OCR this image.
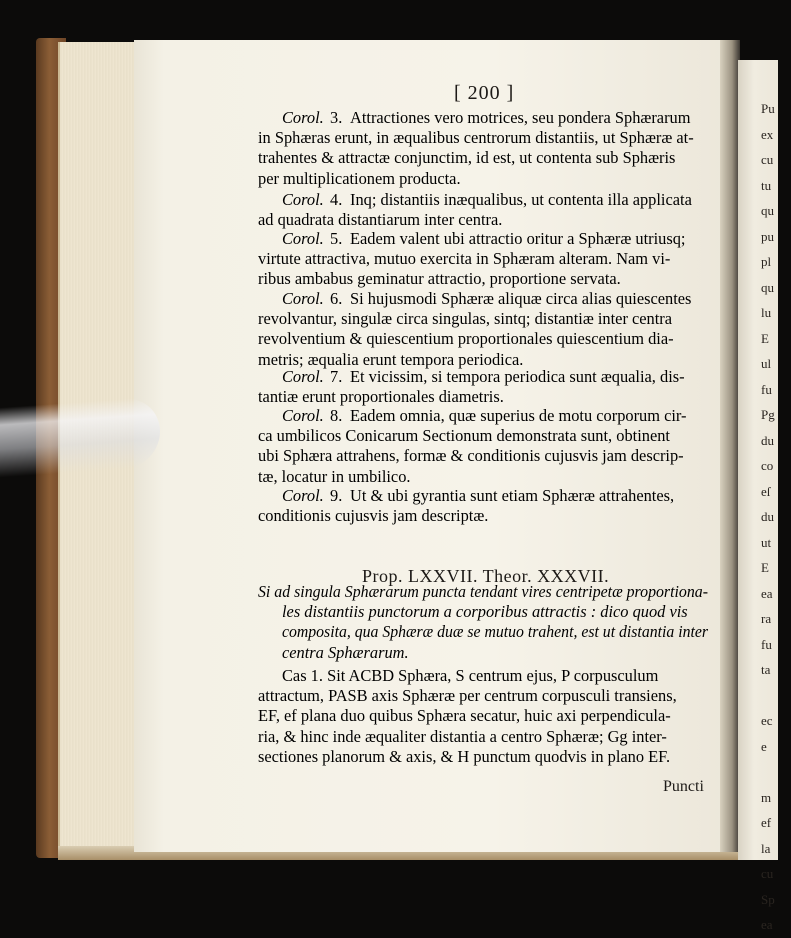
Pu
ex
cu
tu
qu
pu
pl
qu
lu
E
ul
fu
Pg
du
co
eſ
du
ut
E
ea
ra
fu
ta
ec
e
m
ef
la
cu
Sp
ea
[ 200 ]
Corol. 3. Attractiones vero motrices, seu pondera Sphærarum
in Sphæras erunt, in æqualibus centrorum distantiis, ut Sphæræ at-
trahentes & attractæ conjunctim, id est, ut contenta sub Sphæris
per multiplicationem producta.
Corol. 4. Inq; distantiis inæqualibus, ut contenta illa applicata
ad quadrata distantiarum inter centra.
Corol. 5. Eadem valent ubi attractio oritur a Sphæræ utriusq;
virtute attractiva, mutuo exercita in Sphæram alteram. Nam vi-
ribus ambabus geminatur attractio, proportione servata.
Corol. 6. Si hujusmodi Sphæræ aliquæ circa alias quiescentes
revolvantur, singulæ circa singulas, sintq; distantiæ inter centra
revolventium & quiescentium proportionales quiescentium dia-
metris; æqualia erunt tempora periodica.
Corol. 7. Et vicissim, si tempora periodica sunt æqualia, dis-
tantiæ erunt proportionales diametris.
Corol. 8. Eadem omnia, quæ superius de motu corporum cir-
ca umbilicos Conicarum Sectionum demonstrata sunt, obtinent
ubi Sphæra attrahens, formæ & conditionis cujusvis jam descrip-
tæ, locatur in umbilico.
Corol. 9. Ut & ubi gyrantia sunt etiam Sphæræ attrahentes,
conditionis cujusvis jam descriptæ.
Si ad singula Sphærarum puncta tendant vires centripetæ proportiona-
les distantiis punctorum a corporibus attractis : dico quod vis
composita, qua Sphæræ duæ se mutuo trahent, est ut distantia inter
centra Sphærarum.
Cas 1. Sit ACBD Sphæra, S centrum ejus, P corpusculum
attractum, PASB axis Sphæræ per centrum corpusculi transiens,
EF, ef plana duo quibus Sphæra secatur, huic axi perpendicula-
ria, & hinc inde æqualiter distantia a centro Sphæræ; Gg inter-
sectiones planorum & axis, & H punctum quodvis in plano EF.
Prop. LXXVII. Theor. XXXVII.
Puncti
